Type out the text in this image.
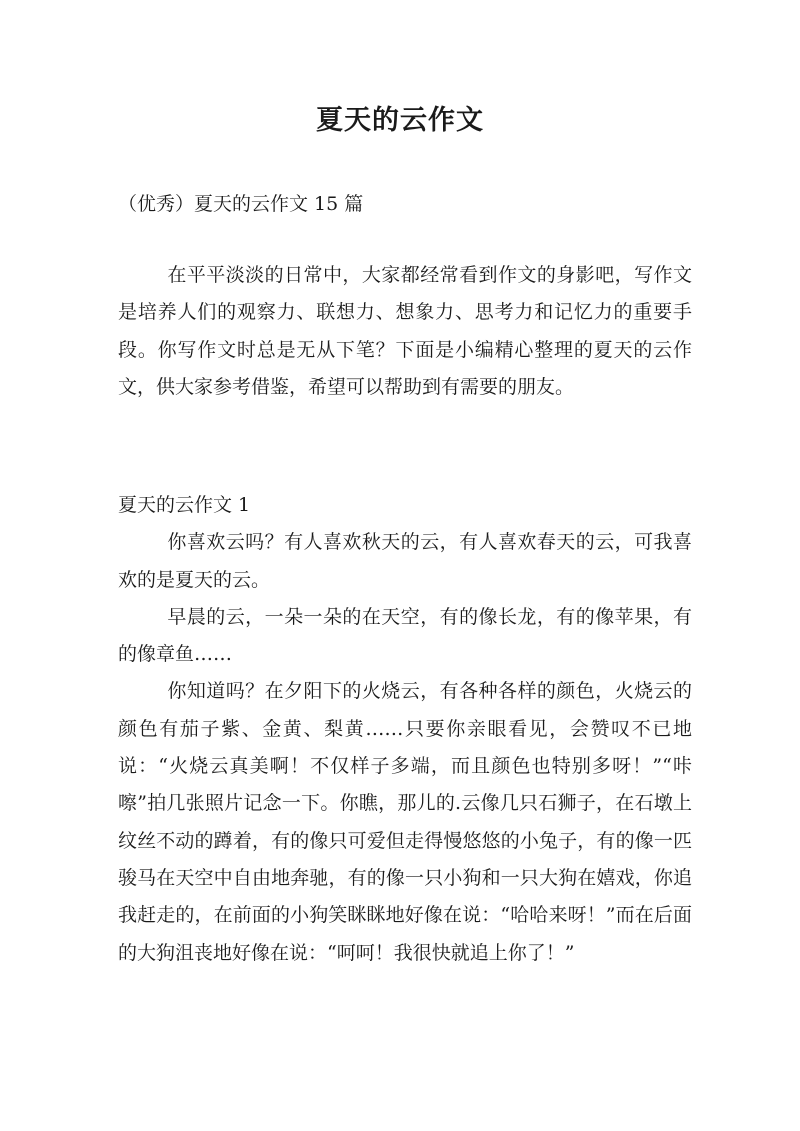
夏天的云作文

（优秀）夏天的云作文 15 篇

在平平淡淡的日常中，大家都经常看到作文的身影吧，写作文是培养人们的观察力、联想力、想象力、思考力和记忆力的重要手段。你写作文时总是无从下笔？下面是小编精心整理的夏天的云作文，供大家参考借鉴，希望可以帮助到有需要的朋友。

夏天的云作文 1

你喜欢云吗？有人喜欢秋天的云，有人喜欢春天的云，可我喜欢的是夏天的云。

早晨的云，一朵一朵的在天空，有的像长龙，有的像苹果，有的像章鱼……

你知道吗？在夕阳下的火烧云，有各种各样的颜色，火烧云的颜色有茄子紫、金黄、梨黄……只要你亲眼看见，会赞叹不已地说：“火烧云真美啊！不仅样子多端，而且颜色也特别多呀！”“咔嚓”拍几张照片记念一下。你瞧，那儿的.云像几只石狮子，在石墩上纹丝不动的蹲着，有的像只可爱但走得慢悠悠的小兔子，有的像一匹骏马在天空中自由地奔驰，有的像一只小狗和一只大狗在嬉戏，你追我赶走的，在前面的小狗笑眯眯地好像在说：“哈哈来呀！”而在后面的大狗沮丧地好像在说：“呵呵！我很快就追上你了！”
